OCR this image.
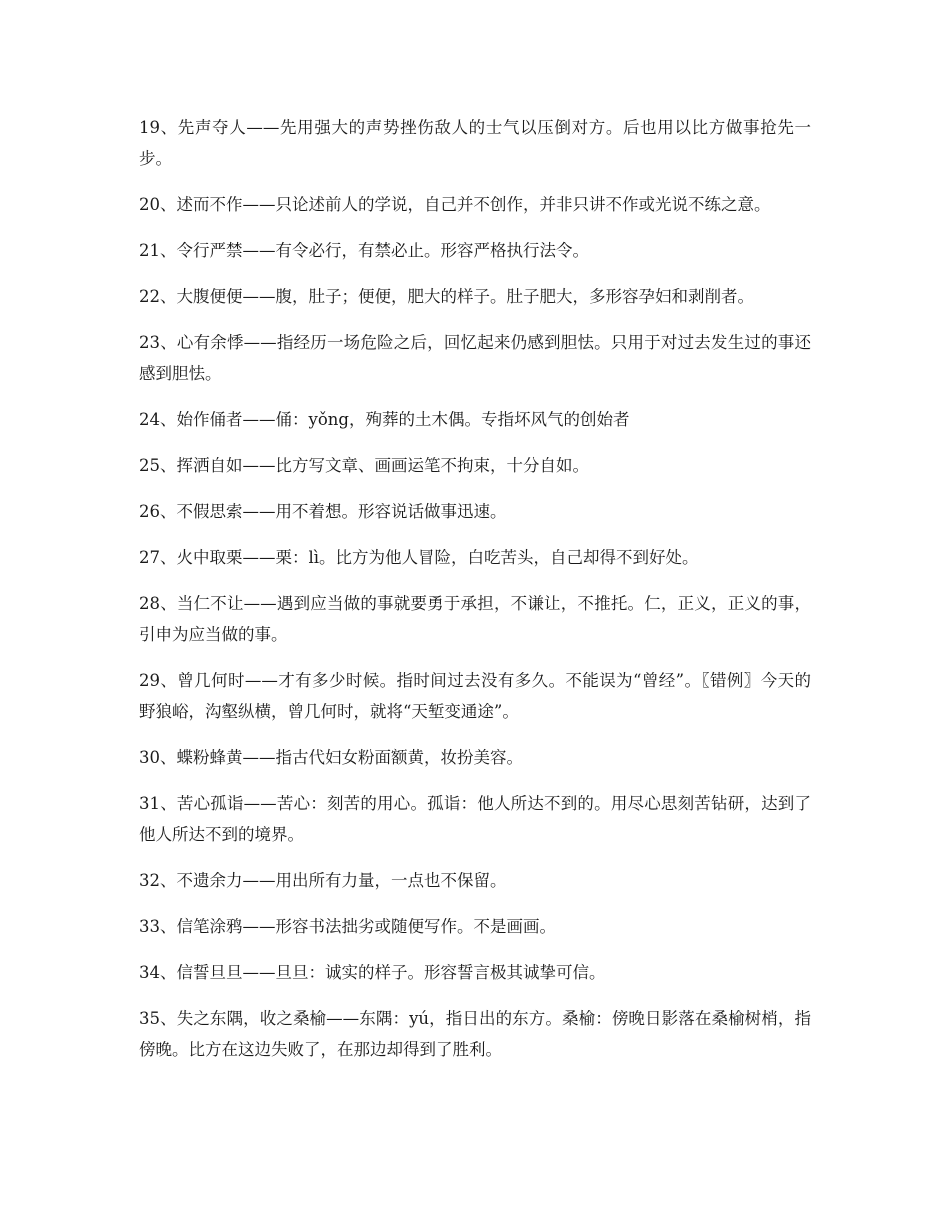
19、先声夺人——先用强大的声势挫伤敌人的士气以压倒对方。后也用以比方做事抢先一步。

20、述而不作——只论述前人的学说，自己并不创作，并非只讲不作或光说不练之意。

21、令行严禁——有令必行，有禁必止。形容严格执行法令。

22、大腹便便——腹，肚子；便便，肥大的样子。肚子肥大，多形容孕妇和剥削者。

23、心有余悸——指经历一场危险之后，回忆起来仍感到胆怯。只用于对过去发生过的事还感到胆怯。

24、始作俑者——俑：yǒng，殉葬的土木偶。专指坏风气的创始者

25、挥洒自如——比方写文章、画画运笔不拘束，十分自如。

26、不假思索——用不着想。形容说话做事迅速。

27、火中取栗——栗：lì。比方为他人冒险，白吃苦头，自己却得不到好处。

28、当仁不让——遇到应当做的事就要勇于承担，不谦让，不推托。仁，正义，正义的事，引申为应当做的事。

29、曾几何时——才有多少时候。指时间过去没有多久。不能误为“曾经”。〖错例〗今天的野狼峪，沟壑纵横，曾几何时，就将“天堑变通途”。

30、蝶粉蜂黄——指古代妇女粉面额黄，妆扮美容。

31、苦心孤诣——苦心：刻苦的用心。孤诣：他人所达不到的。用尽心思刻苦钻研，达到了他人所达不到的境界。

32、不遗余力——用出所有力量，一点也不保留。

33、信笔涂鸦——形容书法拙劣或随便写作。不是画画。

34、信誓旦旦——旦旦：诚实的样子。形容誓言极其诚挚可信。

35、失之东隅，收之桑榆——东隅：yú，指日出的东方。桑榆：傍晚日影落在桑榆树梢，指傍晚。比方在这边失败了，在那边却得到了胜利。
